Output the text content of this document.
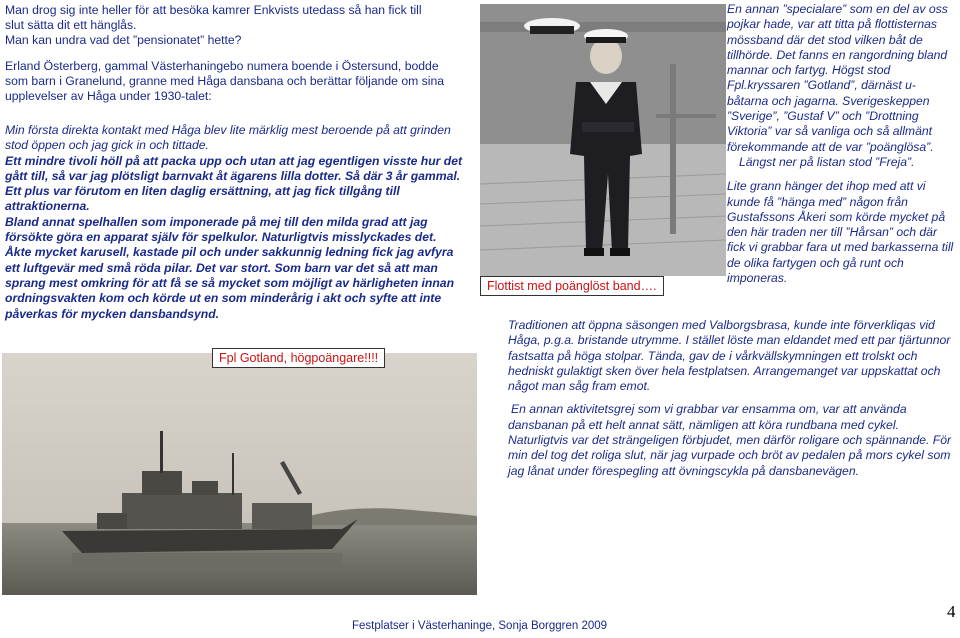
Man drog sig inte heller för att besöka kamrer Enkvists utedass så han fick till

slut sätta dit ett hänglås.

Man kan undra vad det ”pensionatet” hette?

Erland Österberg, gammal Västerhaningebo numera boende i Östersund, bodde som barn i Granelund, granne med Håga dansbana och berättar följande om sina upplevelser av Håga under 1930-talet:

Min första direkta kontakt med Håga blev lite märklig mest beroende på att grinden stod öppen och jag gick in och tittade.

Ett mindre tivoli höll på att packa upp och utan att jag egentligen visste hur det gått till, så var jag plötsligt barnvakt åt ägarens lilla dotter. Så där 3 år gammal.

Ett plus var förutom en liten daglig ersättning, att jag fick tillgång till attraktionerna.

Bland annat spelhallen som imponerade på mej till den milda grad att jag försökte göra en apparat själv för spelkulor. Naturligtvis misslyckades det.

Åkte mycket karusell, kastade pil och under sakkunnig ledning fick jag avfyra ett luftgevär med små röda pilar. Det var stort. Som barn var det så att man sprang mest omkring för att få se så mycket som möjligt av härligheten innan ordningsvakten kom och körde ut en som minderårig i akt och syfte att inte påverkas för mycken dansbandsynd.

Flottist med poänglöst band….

En annan ”specialare” som en del av oss pojkar hade, var att titta på flottisternas mössband där det stod vilken båt de tillhörde. Det fanns en rangordning bland mannar och fartyg. Högst stod Fpl.kryssaren ”Gotland”, därnäst u-båtarna och jagarna. Sverigeskeppen ”Sverige”, ”Gustaf V” och ”Drottning Viktoria” var så vanliga och så allmänt förekommande att de var ”poänglösa”.

Längst ner på listan stod ”Freja”.

Lite grann hänger det ihop med att vi kunde få ”hänga med” någon från Gustafssons Åkeri som körde mycket på den här traden ner till ”Hårsan” och där fick vi grabbar fara ut med barkasserna till de olika fartygen och gå runt och imponeras.

Traditionen att öppna säsongen med Valborgsbrasa, kunde inte förverkliqas vid Håga, p.g.a. bristande utrymme. I stället löste man eldandet med ett par tjärtunnor fastsatta på höga stolpar. Tända, gav de i vårkvällskymningen ett trolskt och hedniskt gulaktigt sken över hela festplatsen. Arrangemanget var uppskattat och något man såg fram emot.

En annan aktivitetsgrej som vi grabbar var ensamma om, var att använda dansbanan på ett helt annat sätt, nämligen att köra rundbana med cykel. Naturligtvis var det strängeligen förbjudet, men därför roligare och spännande. För min del tog det roliga slut, när jag vurpade och bröt av pedalen på mors cykel som jag lånat under förespegling att övningscykla på dansbanevägen.

Fpl Gotland, högpoängare!!!!
Festplatser i Västerhaninge, Sonja Borggren 2009
4
